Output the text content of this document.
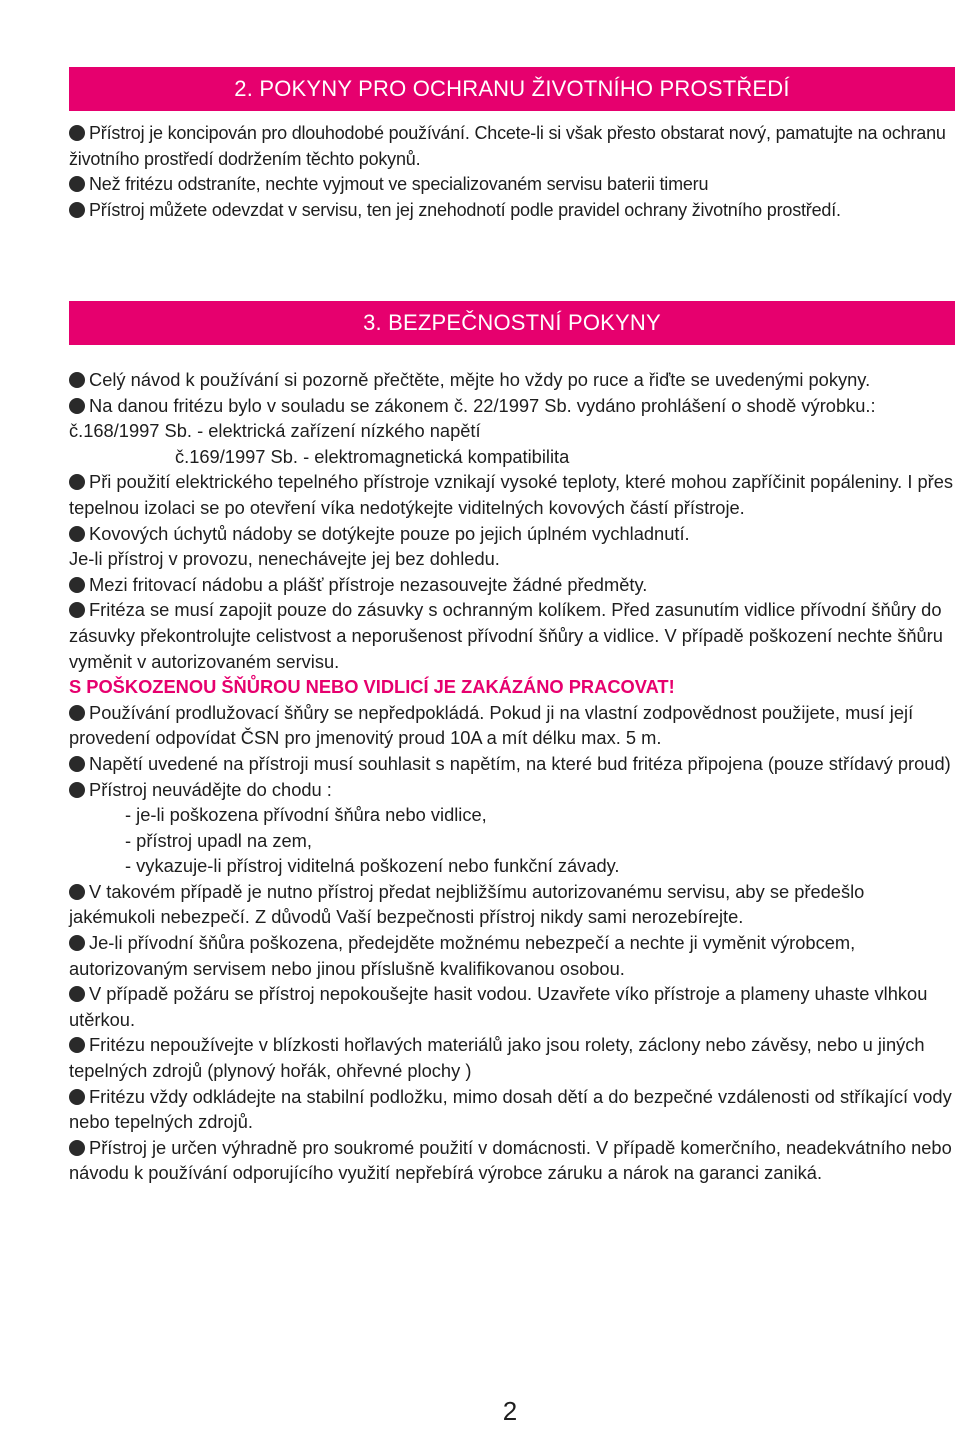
2. POKYNY PRO OCHRANU ŽIVOTNÍHO PROSTŘEDÍ

Přístroj je koncipován pro dlouhodobé používání. Chcete-li si však přesto obstarat nový, pamatujte na ochranu životního prostředí dodržením těchto pokynů.

Než fritézu odstraníte, nechte vyjmout ve specializovaném servisu baterii timeru

Přístroj můžete odevzdat v servisu, ten jej znehodnotí podle pravidel ochrany životního prostředí.

3. BEZPEČNOSTNÍ POKYNY

Celý návod k používání si pozorně přečtěte, mějte ho vždy po ruce a řiďte se uvedenými pokyny.

Na danou fritézu bylo v souladu se zákonem č. 22/1997 Sb. vydáno prohlášení o shodě výrobku.: č.168/1997 Sb. - elektrická zařízení nízkého napětí

č.169/1997 Sb. - elektromagnetická kompatibilita

Při použití elektrického tepelného přístroje vznikají vysoké teploty, které mohou zapříčinit popáleniny. I přes tepelnou izolaci se po otevření víka nedotýkejte viditelných kovových částí přístroje.

Kovových úchytů nádoby se dotýkejte pouze po jejich úplném vychladnutí.

Je-li přístroj v provozu, nenechávejte jej bez dohledu.

Mezi fritovací nádobu a plášť přístroje nezasouvejte žádné předměty.

Fritéza se musí zapojit pouze do zásuvky s ochranným kolíkem. Před zasunutím vidlice přívodní šňůry do zásuvky překontrolujte celistvost a neporušenost přívodní šňůry a vidlice. V případě poškození nechte šňůru vyměnit v autorizovaném servisu.

S POŠKOZENOU ŠŇŮROU NEBO VIDLICÍ JE ZAKÁZÁNO PRACOVAT!

Používání prodlužovací šňůry se nepředpokládá. Pokud ji na vlastní zodpovědnost použijete, musí její provedení odpovídat ČSN pro jmenovitý proud 10A a mít délku max. 5 m.

Napětí uvedené na přístroji musí souhlasit s napětím, na které bud fritéza připojena (pouze střídavý proud)

Přístroj neuvádějte do chodu :

- je-li poškozena přívodní šňůra nebo vidlice,

- přístroj upadl na zem,

- vykazuje-li přístroj viditelná poškození nebo funkční závady.

V takovém případě je nutno přístroj předat nejbližšímu autorizovanému servisu, aby se předešlo jakémukoli nebezpečí. Z důvodů Vaší bezpečnosti přístroj nikdy sami nerozebírejte.

Je-li přívodní šňůra poškozena, předejděte možnému nebezpečí a nechte ji vyměnit výrobcem, autorizovaným servisem nebo jinou příslušně kvalifikovanou osobou.

V případě požáru se přístroj nepokoušejte hasit vodou. Uzavřete víko přístroje a plameny uhaste vlhkou utěrkou.

Fritézu nepoužívejte v blízkosti hořlavých materiálů jako jsou rolety, záclony nebo závěsy, nebo u jiných tepelných zdrojů (plynový hořák, ohřevné plochy )

Fritézu vždy odkládejte na stabilní podložku, mimo dosah dětí a do bezpečné vzdálenosti od stříkající vody nebo tepelných zdrojů.

Přístroj je určen výhradně pro soukromé použití v domácnosti. V případě komerčního, neadekvátního nebo návodu k používání odporujícího využití nepřebírá výrobce záruku a nárok na garanci zaniká.

2
